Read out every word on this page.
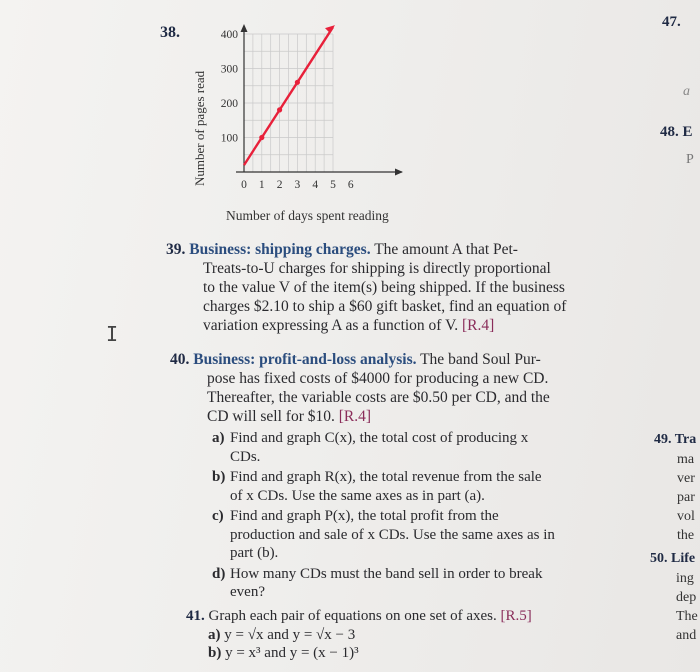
38.
100
200
300
400
0 1 2 3 4 5 6
Number of pages read
Number of days spent reading
I
39. Business: shipping charges. The amount A that Pet-
Treats-to-U charges for shipping is directly proportional
to the value V of the item(s) being shipped. If the business
charges $2.10 to ship a $60 gift basket, find an equation of
variation expressing A as a function of V. [R.4]
40. Business: profit-and-loss analysis. The band Soul Pur-
pose has fixed costs of $4000 for producing a new CD.
Thereafter, the variable costs are $0.50 per CD, and the
CD will sell for $10. [R.4]
a) Find and graph C(x), the total cost of producing x
CDs.
b) Find and graph R(x), the total revenue from the sale
of x CDs. Use the same axes as in part (a).
c) Find and graph P(x), the total profit from the
production and sale of x CDs. Use the same axes as in
part (b).
d) How many CDs must the band sell in order to break
even?
41. Graph each pair of equations on one set of axes. [R.5]
a) y = √x and y = √x − 3
b) y = x³ and y = (x − 1)³
47.
a
48. E
P
49. Tra
ma
ver
par
vol
the
50. Life
ing
dep
The
and
